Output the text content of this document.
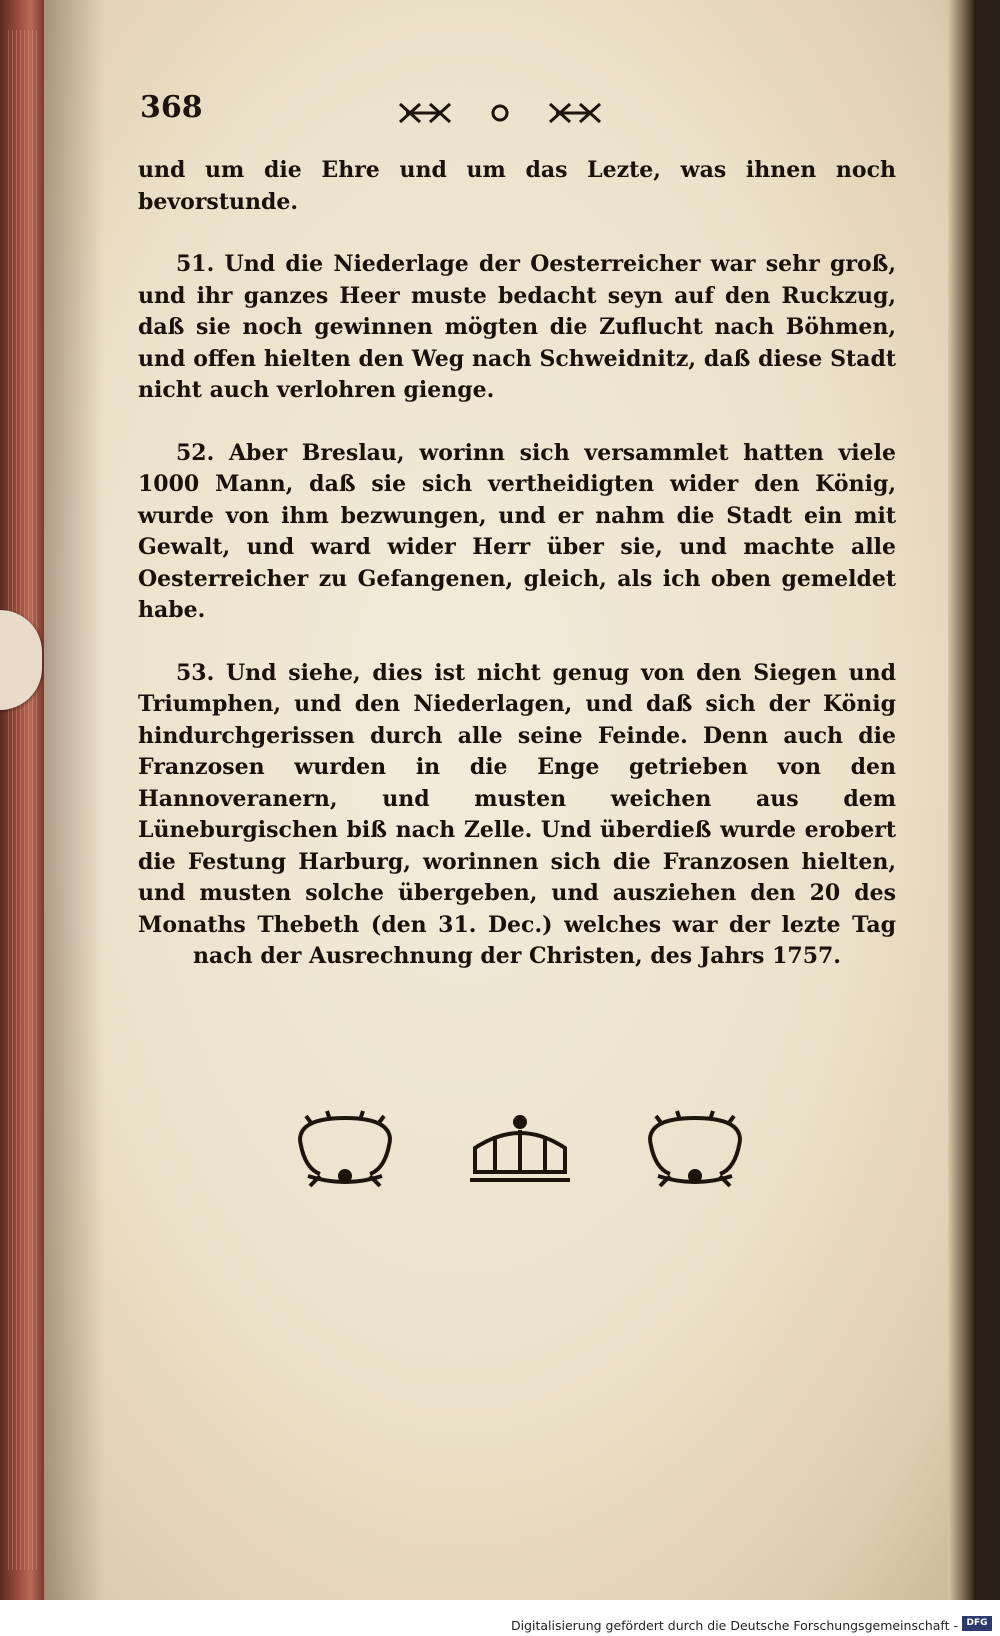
368

und um die Ehre und um das Lezte, was ihnen noch bevorstunde.

51. Und die Niederlage der Oesterreicher war sehr groß, und ihr ganzes Heer muste bedacht seyn auf den Ruckzug, daß sie noch gewinnen mögten die Zuflucht nach Böhmen, und offen hielten den Weg nach Schweidnitz, daß diese Stadt nicht auch verlohren gienge.

52. Aber Breslau, worinn sich versammlet hatten viele 1000 Mann, daß sie sich vertheidigten wider den König, wurde von ihm bezwungen, und er nahm die Stadt ein mit Gewalt, und ward wider Herr über sie, und machte alle Oesterreicher zu Gefangenen, gleich, als ich oben gemeldet habe.

53. Und siehe, dies ist nicht genug von den Siegen und Triumphen, und den Niederlagen, und daß sich der König hindurchgerissen durch alle seine Feinde. Denn auch die Franzosen wurden in die Enge getrieben von den Hannoveranern, und musten weichen aus dem Lüneburgischen biß nach Zelle. Und überdieß wurde erobert die Festung Harburg, worinnen sich die Franzosen hielten, und musten solche übergeben, und ausziehen den 20 des Monaths Thebeth (den 31. Dec.) welches war der lezte Tag nach der Ausrechnung der Christen, des Jahrs 1757.

Digitalisierung gefördert durch die Deutsche Forschungsgemeinschaft - DFG
